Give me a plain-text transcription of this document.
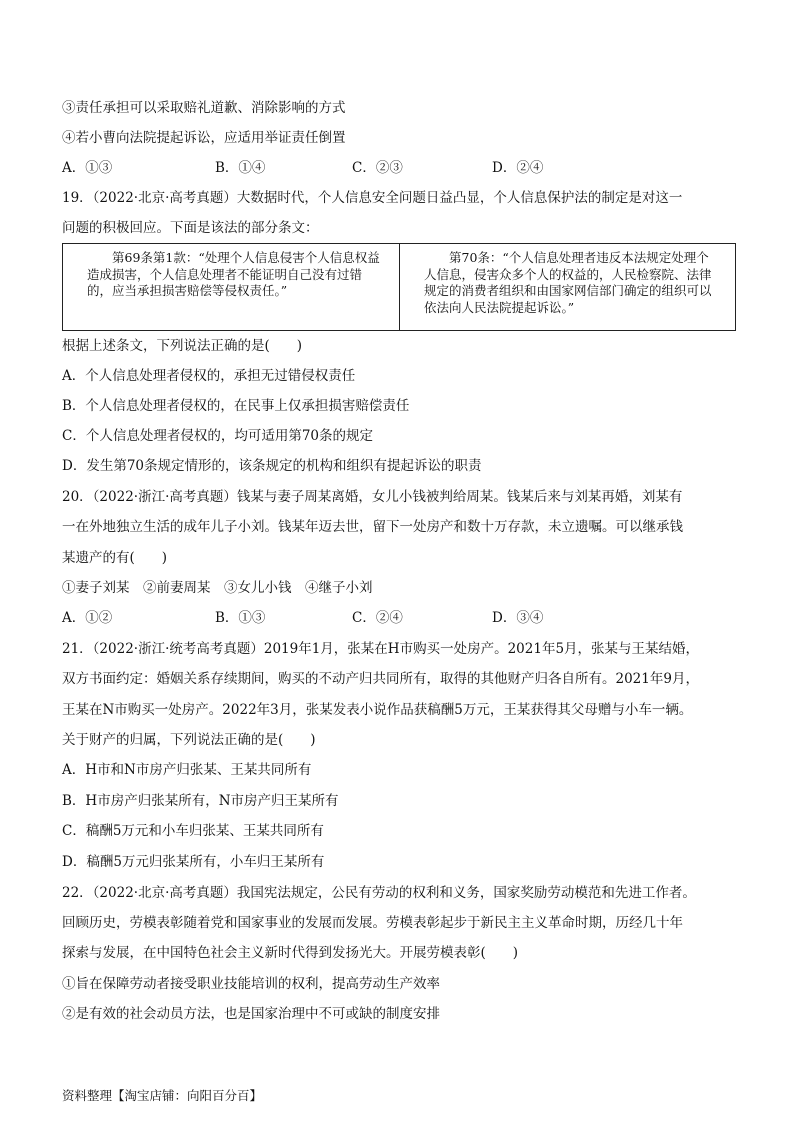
③责任承担可以采取赔礼道歉、消除影响的方式
④若小曹向法院提起诉讼，应适用举证责任倒置
A．①③	B．①④	C．②③	D．②④
19．（2022·北京·高考真题）大数据时代，个人信息安全问题日益凸显，个人信息保护法的制定是对这一
问题的积极回应。下面是该法的部分条文：
第69条第1款：“处理个人信息侵害个人信息权益造成损害，个人信息处理者不能证明自己没有过错的，应当承担损害赔偿等侵权责任。”
第70条：“个人信息处理者违反本法规定处理个人信息，侵害众多个人的权益的，人民检察院、法律规定的消费者组织和由国家网信部门确定的组织可以依法向人民法院提起诉讼。”
根据上述条文，下列说法正确的是(　　)
A．个人信息处理者侵权的，承担无过错侵权责任
B．个人信息处理者侵权的，在民事上仅承担损害赔偿责任
C．个人信息处理者侵权的，均可适用第70条的规定
D．发生第70条规定情形的，该条规定的机构和组织有提起诉讼的职责
20．（2022·浙江·高考真题）钱某与妻子周某离婚，女儿小钱被判给周某。钱某后来与刘某再婚，刘某有
一在外地独立生活的成年儿子小刘。钱某年迈去世，留下一处房产和数十万存款，未立遗嘱。可以继承钱
某遗产的有(　　)
①妻子刘某　②前妻周某　③女儿小钱　④继子小刘
A．①②	B．①③	C．②④	D．③④
21．（2022·浙江·统考高考真题）2019年1月，张某在H市购买一处房产。2021年5月，张某与王某结婚，
双方书面约定：婚姻关系存续期间，购买的不动产归共同所有，取得的其他财产归各自所有。2021年9月，
王某在N市购买一处房产。2022年3月，张某发表小说作品获稿酬5万元，王某获得其父母赠与小车一辆。
关于财产的归属，下列说法正确的是(　　)
A．H市和N市房产归张某、王某共同所有
B．H市房产归张某所有，N市房产归王某所有
C．稿酬5万元和小车归张某、王某共同所有
D．稿酬5万元归张某所有，小车归王某所有
22．（2022·北京·高考真题）我国宪法规定，公民有劳动的权利和义务，国家奖励劳动模范和先进工作者。
回顾历史，劳模表彰随着党和国家事业的发展而发展。劳模表彰起步于新民主主义革命时期，历经几十年
探索与发展，在中国特色社会主义新时代得到发扬光大。开展劳模表彰(　　)
①旨在保障劳动者接受职业技能培训的权利，提高劳动生产效率
②是有效的社会动员方法，也是国家治理中不可或缺的制度安排
资料整理【淘宝店铺：向阳百分百】
